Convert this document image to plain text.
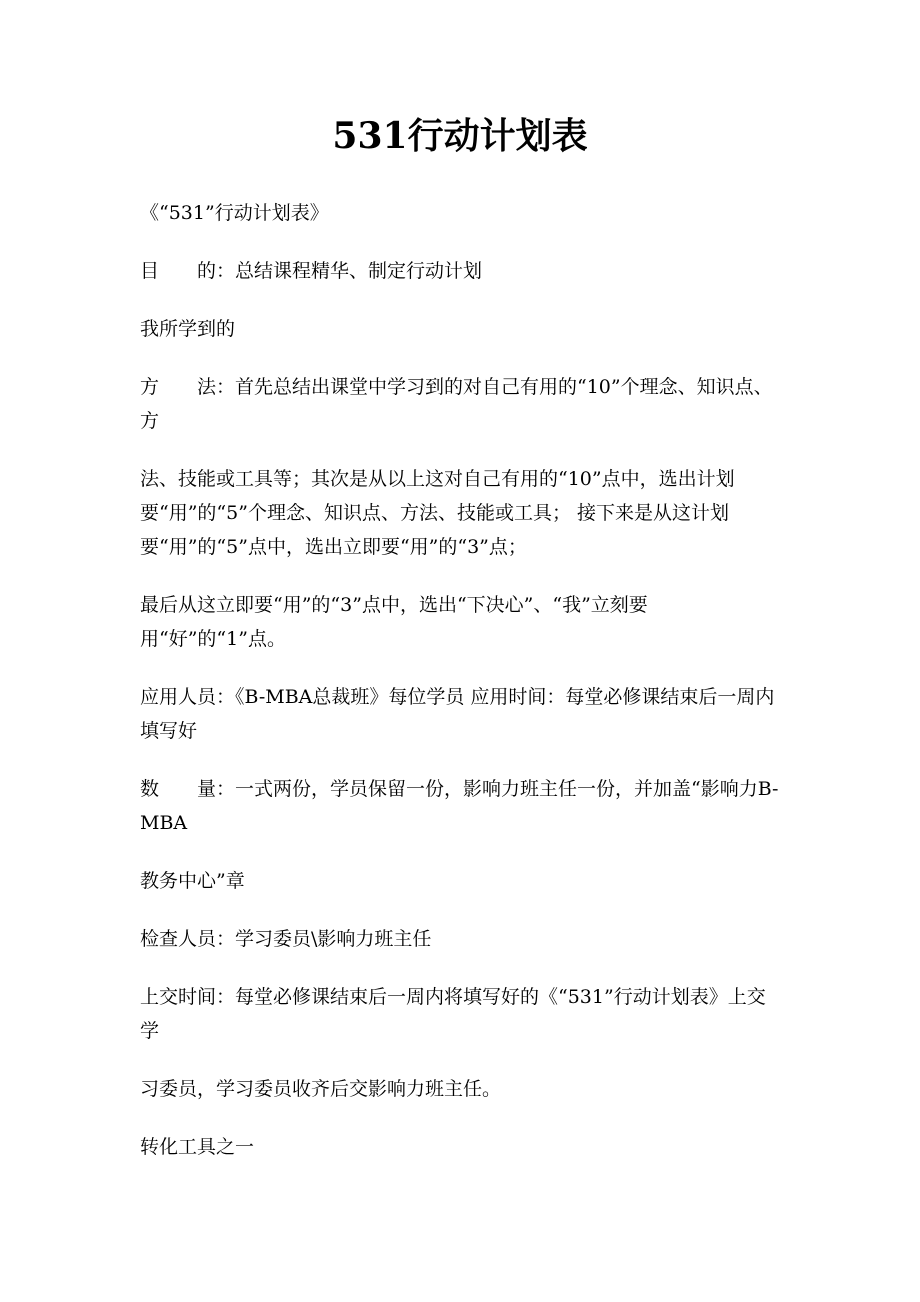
531行动计划表

《“531”行动计划表》

目　　的：总结课程精华、制定行动计划

我所学到的

方　　法：首先总结出课堂中学习到的对自己有用的“10”个理念、知识点、方

法、技能或工具等；其次是从以上这对自己有用的“10”点中，选出计划要“用”的“5”个理念、知识点、方法、技能或工具； 接下来是从这计划要“用”的“5”点中，选出立即要“用”的“3”点；

最后从这立即要“用”的“3”点中，选出“下决心”、“我”立刻要用“好”的“1”点。

应用人员：《B-MBA总裁班》每位学员 应用时间：每堂必修课结束后一周内填写好

数　　量：一式两份，学员保留一份，影响力班主任一份，并加盖“影响力B-MBA

教务中心”章

检查人员：学习委员\影响力班主任

上交时间：每堂必修课结束后一周内将填写好的《“531”行动计划表》上交学

习委员，学习委员收齐后交影响力班主任。

转化工具之一
